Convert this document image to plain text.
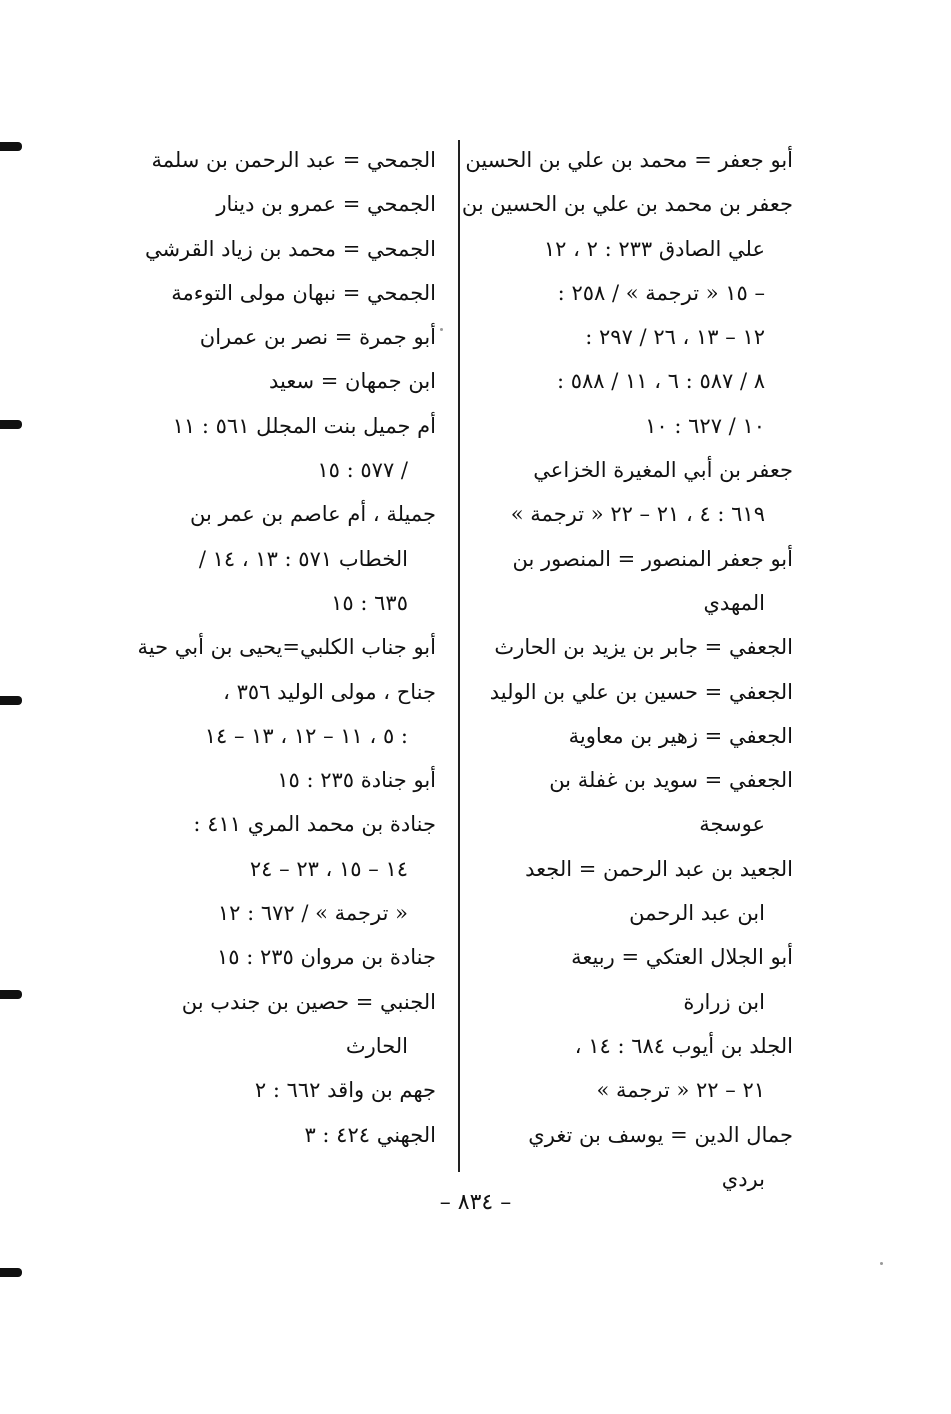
أبو جعفر = محمد بن علي بن الحسين
جعفر بن محمد بن علي بن الحسين بن
علي الصادق ٢٣٣ : ٢ ، ١٢
– ١٥ « ترجمة » / ٢٥٨ :
١٢ – ١٣ ، ٢٦ / ٢٩٧ :
٨ / ٥٨٧ : ٦ ، ١١ / ٥٨٨ :
١٠ / ٦٢٧ : ١٠
جعفر بن أبي المغيرة الخزاعي
٦١٩ : ٤ ، ٢١ – ٢٢ « ترجمة »
أبو جعفر المنصور = المنصور بن
المهدي
الجعفي = جابر بن يزيد بن الحارث
الجعفي = حسين بن علي بن الوليد
الجعفي = زهير بن معاوية
الجعفي = سويد بن غفلة بن
عوسجة
الجعيد بن عبد الرحمن = الجعد
ابن عبد الرحمن
أبو الجلال العتكي = ربيعة
ابن زرارة
الجلد بن أيوب ٦٨٤ : ١٤ ،
٢١ – ٢٢ « ترجمة »
جمال الدين = يوسف بن تغري
بردي
الجمحي = عبد الرحمن بن سلمة
الجمحي = عمرو بن دينار
الجمحي = محمد بن زياد القرشي
الجمحي = نبهان مولى التوءمة
أبو جمرة = نصر بن عمران
ابن جمهان = سعيد
أم جميل بنت المجلل ٥٦١ : ١١
/ ٥٧٧ : ١٥
جميلة ، أم عاصم بن عمر بن
الخطاب ٥٧١ : ١٣ ، ١٤ /
٦٣٥ : ١٥
أبو جناب الكلبي=يحيى بن أبي حية
جناح ، مولى الوليد ٣٥٦ ،
: ٥ ، ١١ – ١٢ ، ١٣ – ١٤
أبو جنادة ٢٣٥ : ١٥
جنادة بن محمد المري ٤١١ :
١٤ – ١٥ ، ٢٣ – ٢٤
« ترجمة » / ٦٧٢ : ١٢
جنادة بن مروان ٢٣٥ : ١٥
الجنبي = حصين بن جندب بن
الحارث
جهم بن واقد ٦٦٢ : ٢
الجهني ٤٢٤ : ٣
– ٨٣٤ –
